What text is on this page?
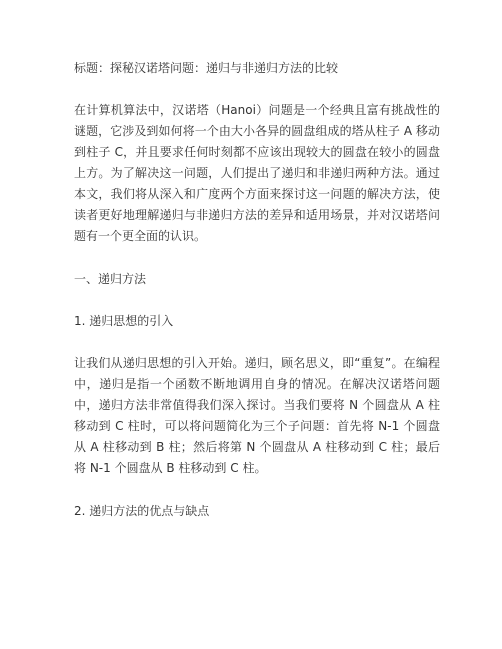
标题：探秘汉诺塔问题：递归与非递归方法的比较

在计算机算法中，汉诺塔（Hanoi）问题是一个经典且富有挑战性的谜题，它涉及到如何将一个由大小各异的圆盘组成的塔从柱子 A 移动到柱子 C，并且要求任何时刻都不应该出现较大的圆盘在较小的圆盘上方。为了解决这一问题，人们提出了递归和非递归两种方法。通过本文，我们将从深入和广度两个方面来探讨这一问题的解决方法，使读者更好地理解递归与非递归方法的差异和适用场景，并对汉诺塔问题有一个更全面的认识。

一、递归方法

1. 递归思想的引入

让我们从递归思想的引入开始。递归，顾名思义，即“重复”。在编程中，递归是指一个函数不断地调用自身的情况。在解决汉诺塔问题中，递归方法非常值得我们深入探讨。当我们要将 N 个圆盘从 A 柱移动到 C 柱时，可以将问题简化为三个子问题：首先将 N-1 个圆盘从 A 柱移动到 B 柱；然后将第 N 个圆盘从 A 柱移动到 C 柱；最后将 N-1 个圆盘从 B 柱移动到 C 柱。

2. 递归方法的优点与缺点
